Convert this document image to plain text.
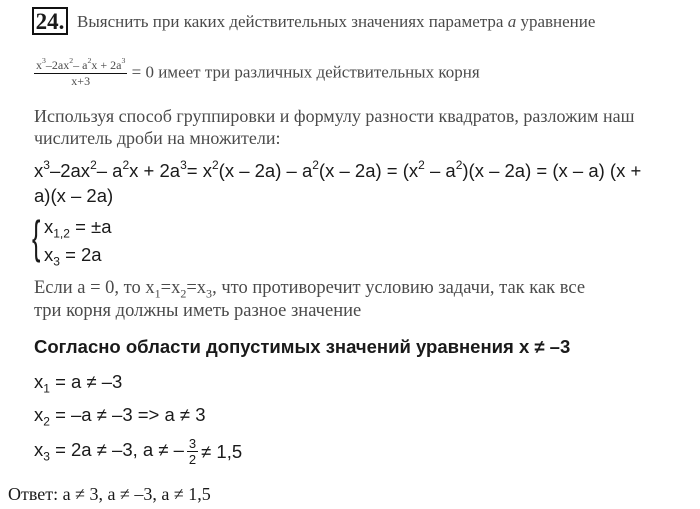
24. Выяснить при каких действительных значениях параметра a уравнение
$\frac{x^3-2ax^2- a^2x + 2a^3}{x+3} = 0$ имеет три различных действительных корня
Используя способ группировки и формулу разности квадратов, разложим наш
числитель дроби на множители:
$x^3-2ax^2-$ $a^2x + 2a^3= x^2(x - 2a) - a^2(x - 2a) = (x^2 - a^2)(x - 2a) = (x - a) (x$ +
a)(x – 2a)
{ $x_{1,2} = \pm a$
$x_3 = 2a$
Если a = 0, то $x_1=x_2=x_3$, что противоречит условию задачи, так как все
три корня должны иметь разное значение
Согласно области допустимых значений уравнения x ≠ –3
$x_1 = a \ne -3$
$x_2 = -a \ne -3 => a \ne 3$
$x_3 = 2a \ne -3$, a ≠ – $\frac{3}{2} \ne 1,5$
Ответ: a ≠ 3, a ≠ –3, a ≠ 1,5
